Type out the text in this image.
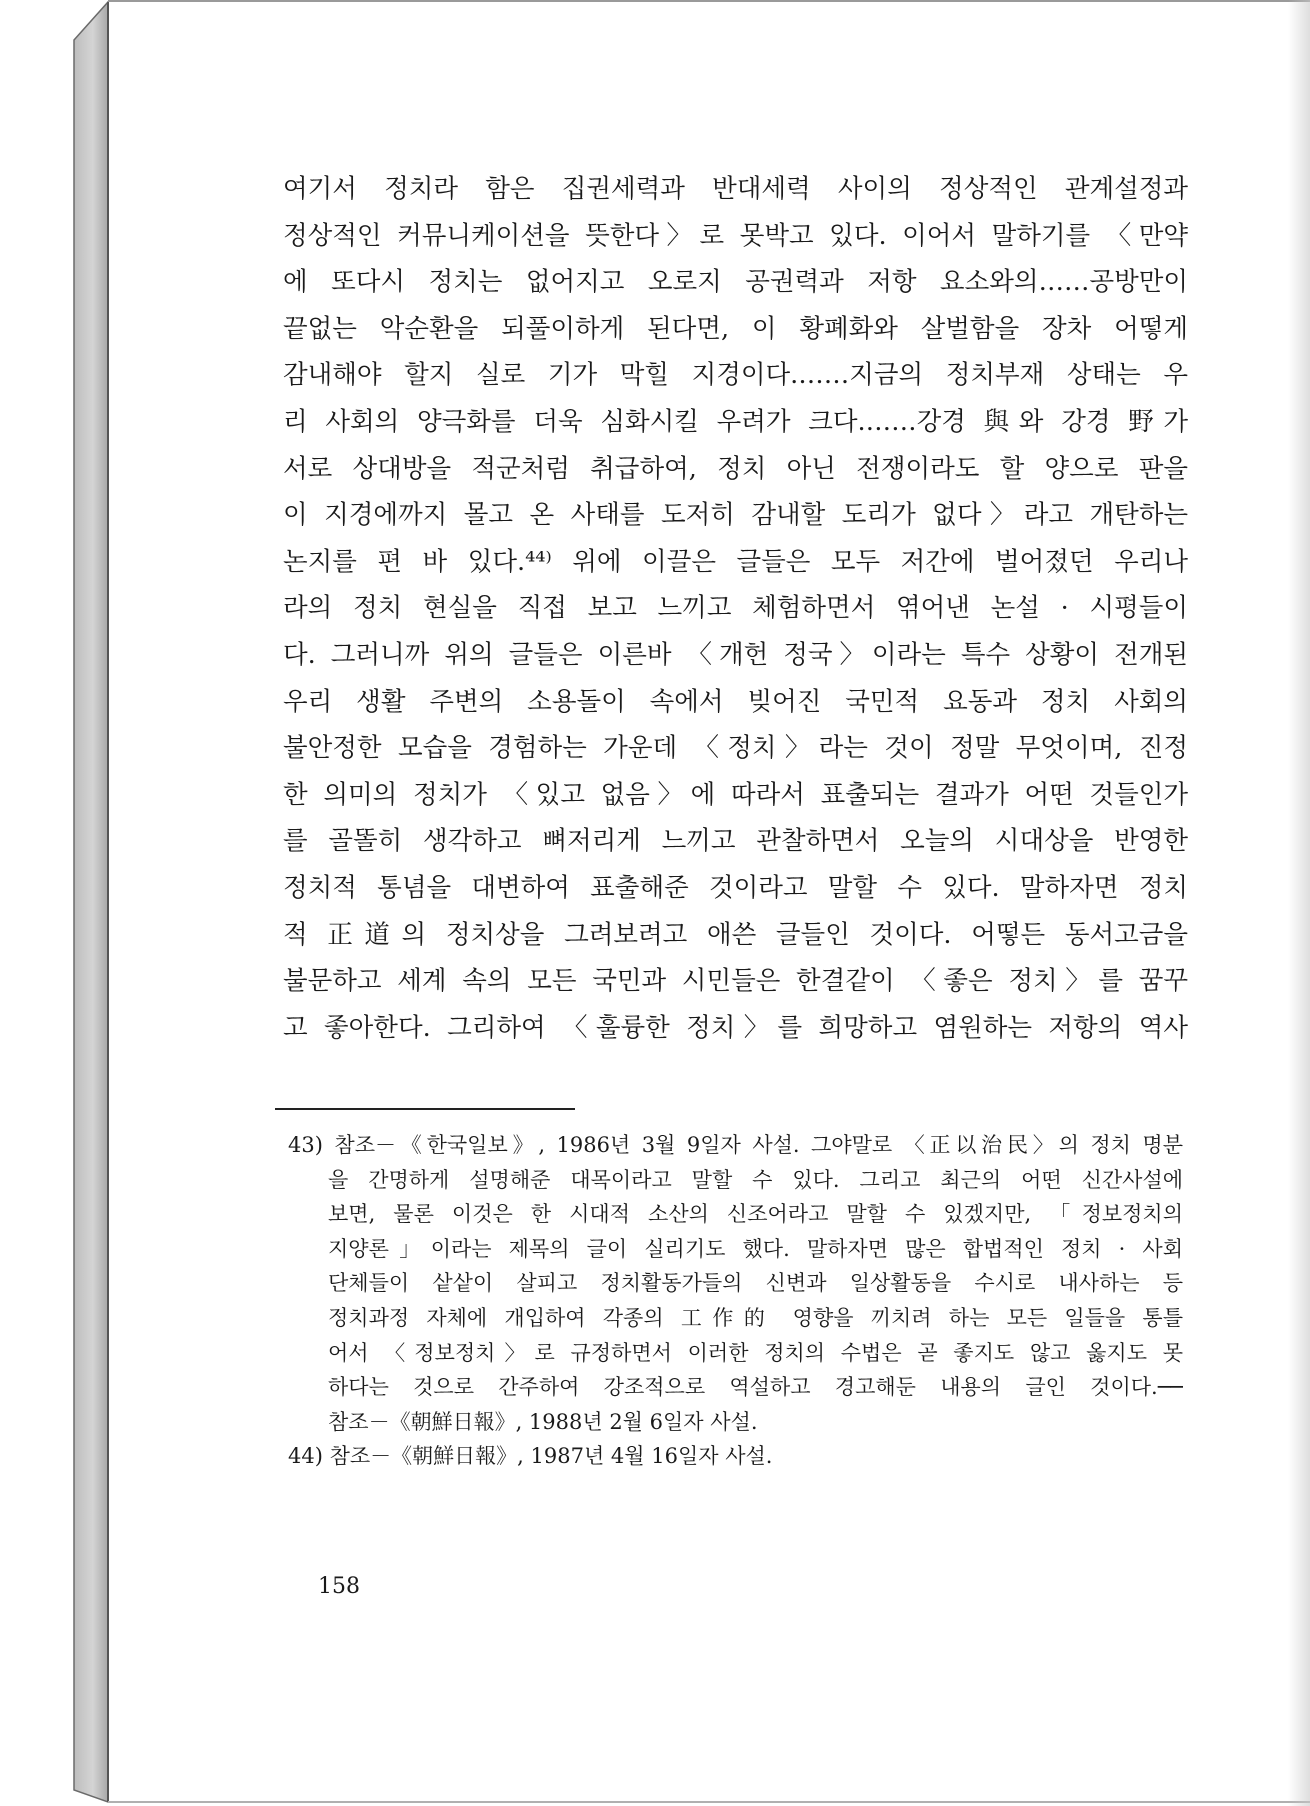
여기서 정치라 함은 집권세력과 반대세력 사이의 정상적인 관계설정과
정상적인 커뮤니케이션을 뜻한다〉로 못박고 있다. 이어서 말하기를 〈만약
에 또다시 정치는 없어지고 오로지 공권력과 저항 요소와의……공방만이
끝없는 악순환을 되풀이하게 된다면, 이 황폐화와 살벌함을 장차 어떻게
감내해야 할지 실로 기가 막힐 지경이다.……지금의 정치부재 상태는 우
리 사회의 양극화를 더욱 심화시킬 우려가 크다.……강경 與와 강경 野가
서로 상대방을 적군처럼 취급하여, 정치 아닌 전쟁이라도 할 양으로 판을
이 지경에까지 몰고 온 사태를 도저히 감내할 도리가 없다〉라고 개탄하는
논지를 편 바 있다.⁴⁴⁾ 위에 이끌은 글들은 모두 저간에 벌어졌던 우리나
라의 정치 현실을 직접 보고 느끼고 체험하면서 엮어낸 논설 · 시평들이
다. 그러니까 위의 글들은 이른바 〈개헌 정국〉이라는 특수 상황이 전개된
우리 생활 주변의 소용돌이 속에서 빚어진 국민적 요동과 정치 사회의
불안정한 모습을 경험하는 가운데 〈정치〉라는 것이 정말 무엇이며, 진정
한 의미의 정치가 〈있고 없음〉에 따라서 표출되는 결과가 어떤 것들인가
를 골똘히 생각하고 뼈저리게 느끼고 관찰하면서 오늘의 시대상을 반영한
정치적 통념을 대변하여 표출해준 것이라고 말할 수 있다. 말하자면 정치
적 正道의 정치상을 그려보려고 애쓴 글들인 것이다. 어떻든 동서고금을
불문하고 세계 속의 모든 국민과 시민들은 한결같이 〈좋은 정치〉를 꿈꾸
고 좋아한다. 그리하여 〈훌륭한 정치〉를 희망하고 염원하는 저항의 역사
43) 참조－《한국일보》, 1986년 3월 9일자 사설. 그야말로 〈正以治民〉의 정치 명분
을 간명하게 설명해준 대목이라고 말할 수 있다. 그리고 최근의 어떤 신간사설에
보면, 물론 이것은 한 시대적 소산의 신조어라고 말할 수 있겠지만, 「정보정치의
지양론」이라는 제목의 글이 실리기도 했다. 말하자면 많은 합법적인 정치 · 사회
단체들이 샅샅이 살피고 정치활동가들의 신변과 일상활동을 수시로 내사하는 등
정치과정 자체에 개입하여 각종의 工作的 영향을 끼치려 하는 모든 일들을 통틀
어서 〈정보정치〉로 규정하면서 이러한 정치의 수법은 곧 좋지도 않고 옳지도 못
하다는 것으로 간주하여 강조적으로 역설하고 경고해둔 내용의 글인 것이다.──
참조－《朝鮮日報》, 1988년 2월 6일자 사설.
44) 참조－《朝鮮日報》, 1987년 4월 16일자 사설.
158
